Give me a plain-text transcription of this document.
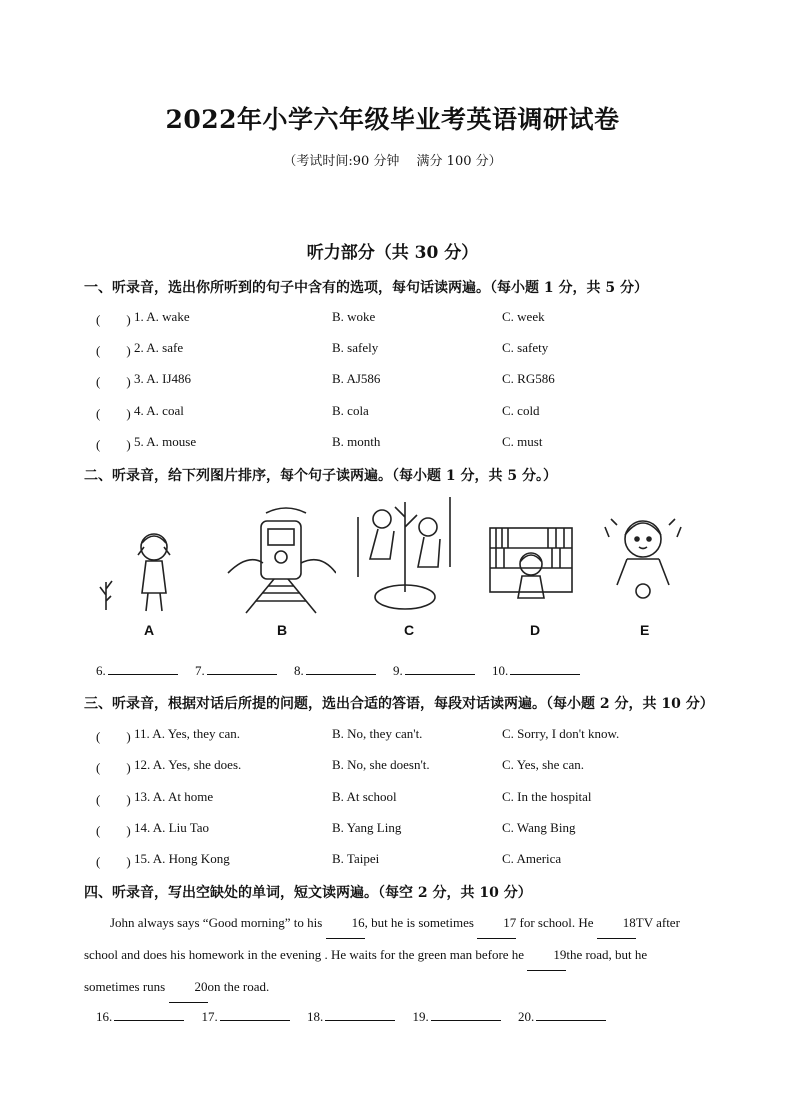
2022年小学六年级毕业考英语调研试卷
（考试时间:90 分钟　 满分 100 分）
听力部分（共 30 分）
一、听录音，选出你所听到的句子中含有的选项，每句话读两遍。（每小题 1 分，共 5 分）
(　　) 1. A. wake	B. woke	C. week
(　　) 2. A. safe	B. safely	C. safety
(　　) 3. A. IJ486	B. AJ586	C. RG586
(　　) 4. A. coal	B. cola	C. cold
(　　) 5. A. mouse	B. month	C. must
二、听录音，给下列图片排序，每个句子读两遍。（每小题 1 分，共 5 分。）
A	B	C	D	E
6.	7.	8.	9.	10.
三、听录音，根据对话后所提的问题，选出合适的答语，每段对话读两遍。（每小题 2 分，共 10 分）
(　　) 11. A. Yes, they can.	B. No, they can't.	C. Sorry, I don't know.
(　　) 12. A. Yes, she does.	B. No, she doesn't.	C. Yes, she can.
(　　) 13. A. At home	B. At school	C. In the hospital
(　　) 14. A. Liu Tao	B. Yang Ling	C. Wang Bing
(　　) 15. A. Hong Kong	B. Taipei	C. America
四、听录音，写出空缺处的单词，短文读两遍。（每空 2 分，共 10 分）
John always says “Good morning” to his 16, but he is sometimes 17 for school. He 18TV after school and does his homework in the evening . He waits for the green man before he 19the road, but he sometimes runs 20on the road.
16.	17.	18.	19.	20.
